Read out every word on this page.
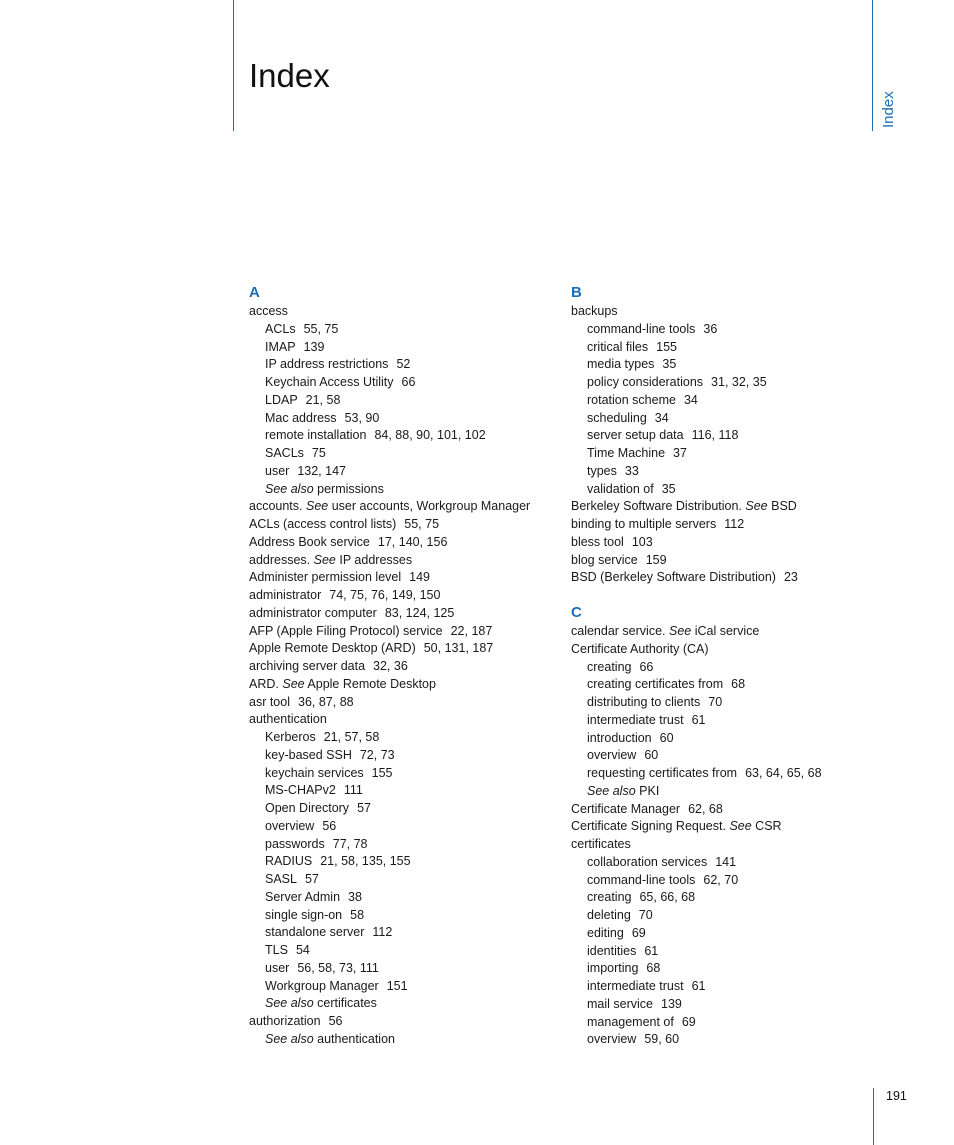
Index
Index
191
A
access
ACLs 55, 75
IMAP 139
IP address restrictions 52
Keychain Access Utility 66
LDAP 21, 58
Mac address 53, 90
remote installation 84, 88, 90, 101, 102
SACLs 75
user 132, 147
See also permissions
accounts. See user accounts, Workgroup Manager
ACLs (access control lists) 55, 75
Address Book service 17, 140, 156
addresses. See IP addresses
Administer permission level 149
administrator 74, 75, 76, 149, 150
administrator computer 83, 124, 125
AFP (Apple Filing Protocol) service 22, 187
Apple Remote Desktop (ARD) 50, 131, 187
archiving server data 32, 36
ARD. See Apple Remote Desktop
asr tool 36, 87, 88
authentication
Kerberos 21, 57, 58
key-based SSH 72, 73
keychain services 155
MS-CHAPv2 111
Open Directory 57
overview 56
passwords 77, 78
RADIUS 21, 58, 135, 155
SASL 57
Server Admin 38
single sign-on 58
standalone server 112
TLS 54
user 56, 58, 73, 111
Workgroup Manager 151
See also certificates
authorization 56
See also authentication
B
backups
command-line tools 36
critical files 155
media types 35
policy considerations 31, 32, 35
rotation scheme 34
scheduling 34
server setup data 116, 118
Time Machine 37
types 33
validation of 35
Berkeley Software Distribution. See BSD
binding to multiple servers 112
bless tool 103
blog service 159
BSD (Berkeley Software Distribution) 23
C
calendar service. See iCal service
Certificate Authority (CA)
creating 66
creating certificates from 68
distributing to clients 70
intermediate trust 61
introduction 60
overview 60
requesting certificates from 63, 64, 65, 68
See also PKI
Certificate Manager 62, 68
Certificate Signing Request. See CSR
certificates
collaboration services 141
command-line tools 62, 70
creating 65, 66, 68
deleting 70
editing 69
identities 61
importing 68
intermediate trust 61
mail service 139
management of 69
overview 59, 60
